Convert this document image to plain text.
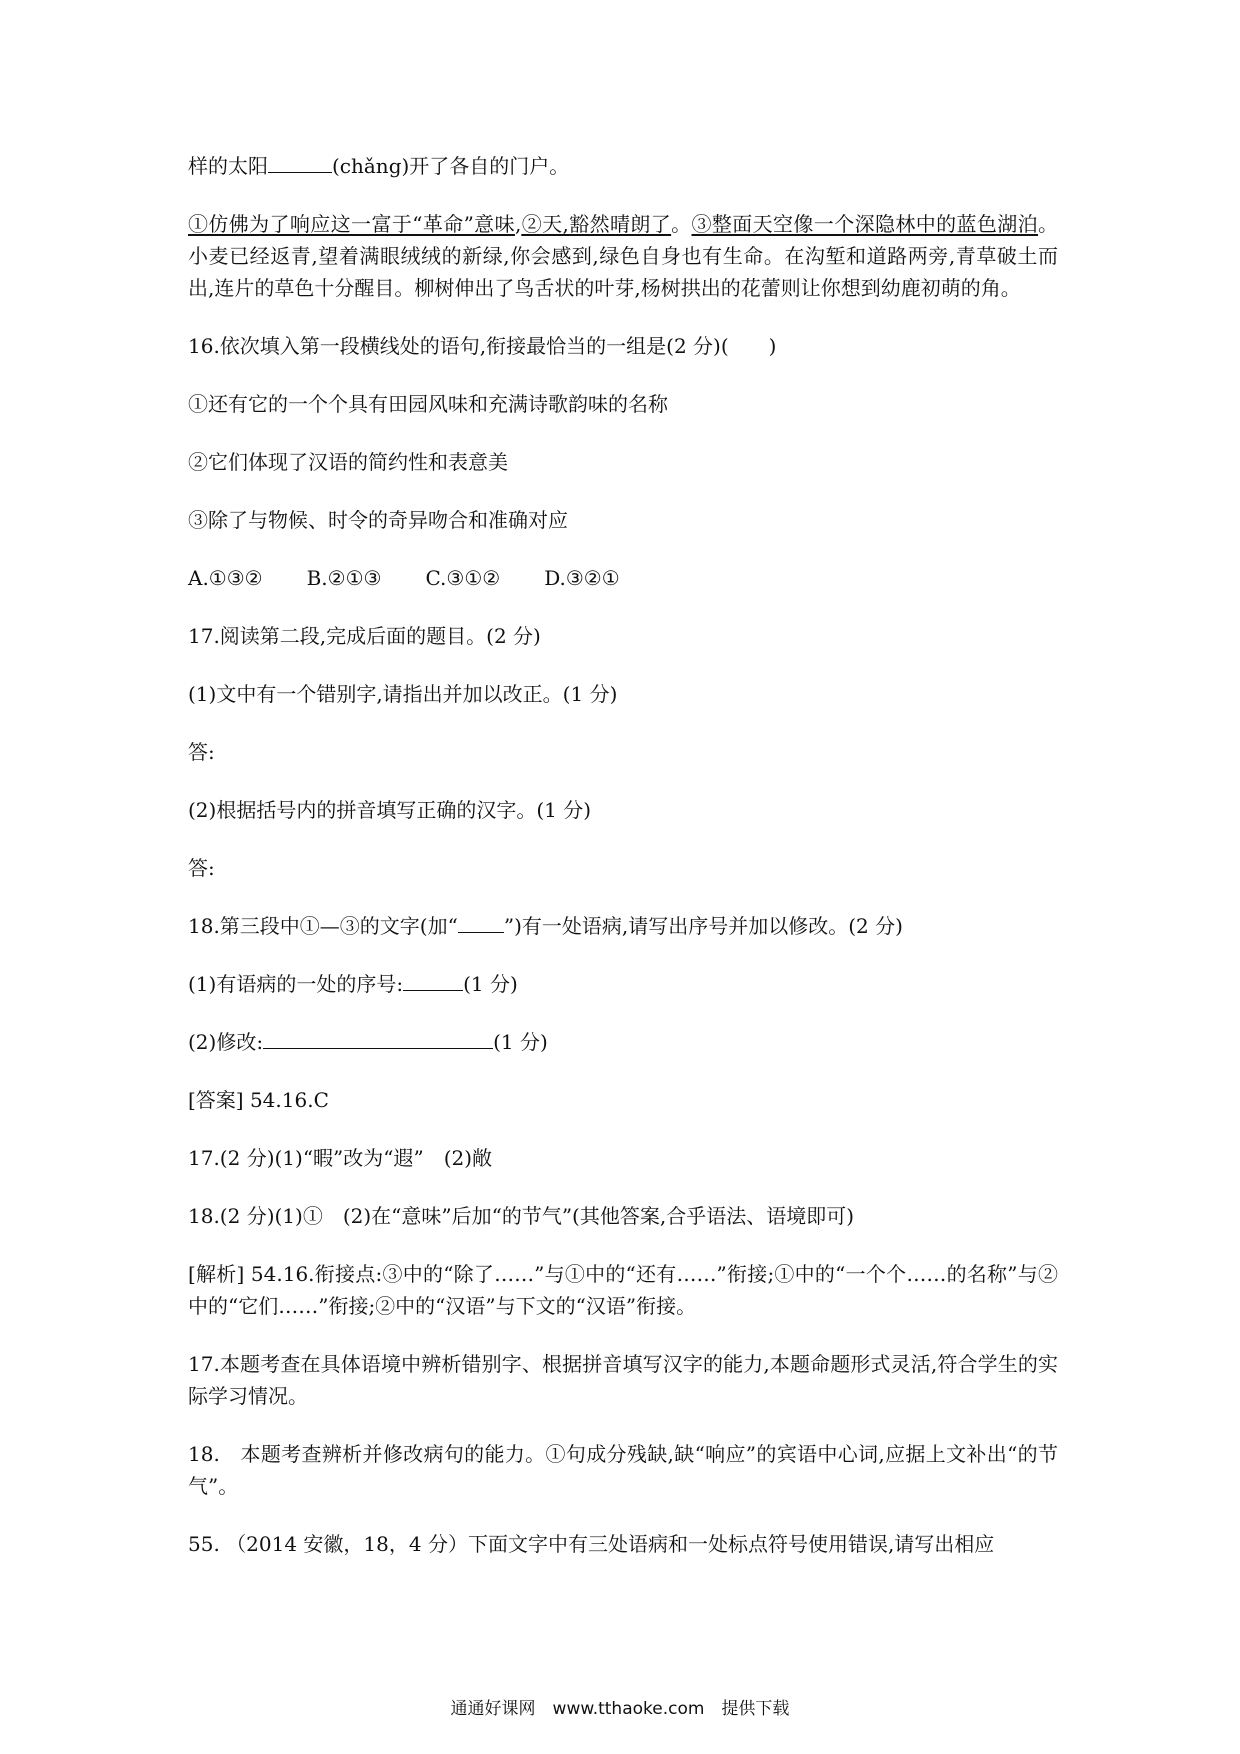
样的太阳	(chǎng)开了各自的门户。

①仿佛为了响应这一富于“革命”意味,②天,豁然晴朗了。③整面天空像一个深隐林中的蓝色湖泊。小麦已经返青,望着满眼绒绒的新绿,你会感到,绿色自身也有生命。在沟堑和道路两旁,青草破土而出,连片的草色十分醒目。柳树伸出了鸟舌状的叶芽,杨树拱出的花蕾则让你想到幼鹿初萌的角。

16.依次填入第一段横线处的语句,衔接最恰当的一组是(2 分)(　　)

①还有它的一个个具有田园风味和充满诗歌韵味的名称

②它们体现了汉语的简约性和表意美

③除了与物候、时令的奇异吻合和准确对应

A.①③② B.②①③ C.③①② D.③②①

17.阅读第二段,完成后面的题目。(2 分)

(1)文中有一个错别字,请指出并加以改正。(1 分)

答:

(2)根据括号内的拼音填写正确的汉字。(1 分)

答:

18.第三段中①—③的文字(加“ ”)有一处语病,请写出序号并加以修改。(2 分)

(1)有语病的一处的序号:	(1 分)

(2)修改:	(1 分)

[答案] 54.16.C

17.(2 分)(1)“暇”改为“遐”　(2)敞

18.(2 分)(1)①　(2)在“意味”后加“的节气”(其他答案,合乎语法、语境即可)

[解析] 54.16.衔接点:③中的“除了……”与①中的“还有……”衔接;①中的“一个个……的名称”与②中的“它们……”衔接;②中的“汉语”与下文的“汉语”衔接。

17.本题考查在具体语境中辨析错别字、根据拼音填写汉字的能力,本题命题形式灵活,符合学生的实际学习情况。

18.　本题考查辨析并修改病句的能力。①句成分残缺,缺“响应”的宾语中心词,应据上文补出“的节气”。

55. （2014 安徽，18，4 分）下面文字中有三处语病和一处标点符号使用错误,请写出相应

通通好课网　www.tthaoke.com　提供下载
